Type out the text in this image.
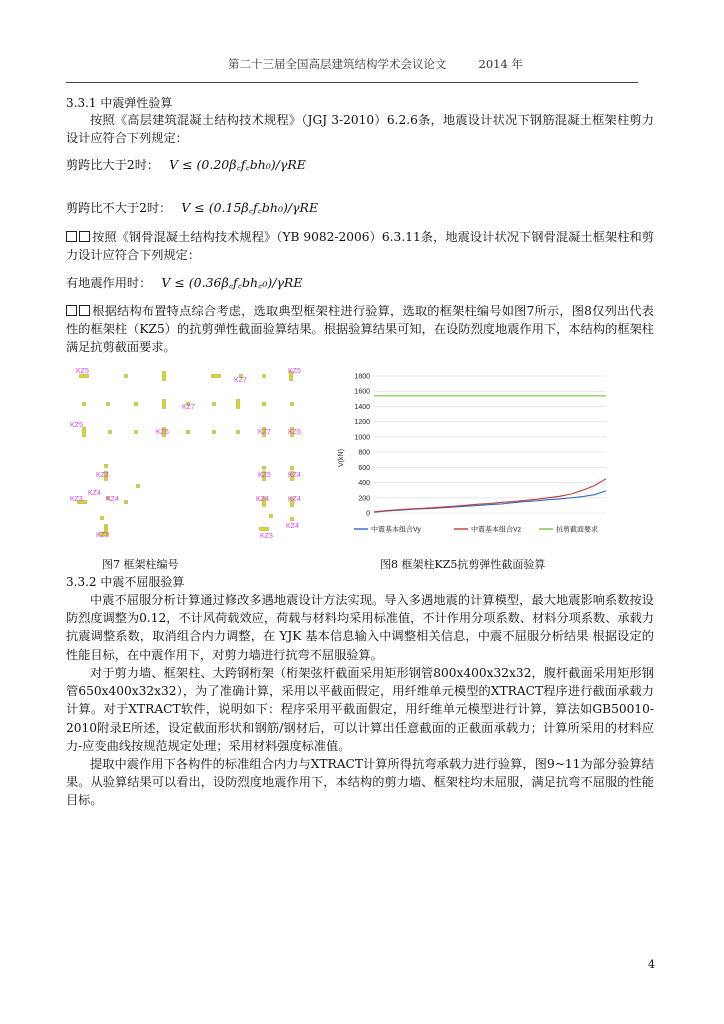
第二十三届全国高层建筑结构学术会议论文	2014 年
3.3.1 中震弹性验算
按照《高层建筑混凝土结构技术规程》（JGJ 3-2010）6.2.6条，地震设计状况下钢筋混凝土框架柱剪力设计应符合下列规定：
剪跨比大于2时： V ≤ (0.20β꜀f꜀bh₀)/γRE
剪跨比不大于2时： V ≤ (0.15β꜀f꜀bh₀)/γRE
按照《钢骨混凝土结构技术规程》（YB 9082-2006）6.3.11条，地震设计状况下钢骨混凝土框架柱和剪力设计应符合下列规定：
有地震作用时： V ≤ (0.36β꜀f꜀bh꜀₀)/γRE
根据结构布置特点综合考虑，选取典型框架柱进行验算，选取的框架柱编号如图7所示，图8仅列出代表性的框架柱（KZ5）的抗剪弹性截面验算结果。根据验算结果可知，在设防烈度地震作用下，本结构的框架柱满足抗剪截面要求。
KZ5
KZ7
KZ5
KZ7
KZ5
KZ6	KZ7 KZ6
KZ2
KZ3
KZ4
KZ4
KZ5 KZ4
KZ4	KZ4
KZ1	KZ3
KZ4
图7 框架柱编号
0
200
400
600
800
1000
1200
1400
1600
1800
V(kN)
中震基本组合Vy	中震基本组合Vz	抗剪截面要求
图8 框架柱KZ5抗剪弹性截面验算
3.3.2 中震不屈服验算
中震不屈服分析计算通过修改多遇地震设计方法实现。导入多遇地震的计算模型，最大地震影响系数按设防烈度调整为0.12，不计风荷载效应，荷载与材料均采用标准值，不计作用分项系数、材料分项系数、承载力抗震调整系数，取消组合内力调整，在 YJK 基本信息输入中调整相关信息，中震不屈服分析结果 根据设定的性能目标，在中震作用下，对剪力墙进行抗弯不屈服验算。
对于剪力墙、框架柱、大跨钢桁架（桁架弦杆截面采用矩形钢管800x400x32x32，腹杆截面采用矩形钢管650x400x32x32），为了准确计算，采用以平截面假定，用纤维单元模型的XTRACT程序进行截面承载力计算。对于XTRACT软件，说明如下：程序采用平截面假定，用纤维单元模型进行计算，算法如GB50010-2010附录E所述，设定截面形状和钢筋/钢材后，可以计算出任意截面的正截面承载力；计算所采用的材料应力-应变曲线按规范规定处理；采用材料强度标准值。
提取中震作用下各构件的标准组合内力与XTRACT计算所得抗弯承载力进行验算，图9~11为部分验算结果。从验算结果可以看出，设防烈度地震作用下，本结构的剪力墙、框架柱均未屈服，满足抗弯不屈服的性能目标。
4
